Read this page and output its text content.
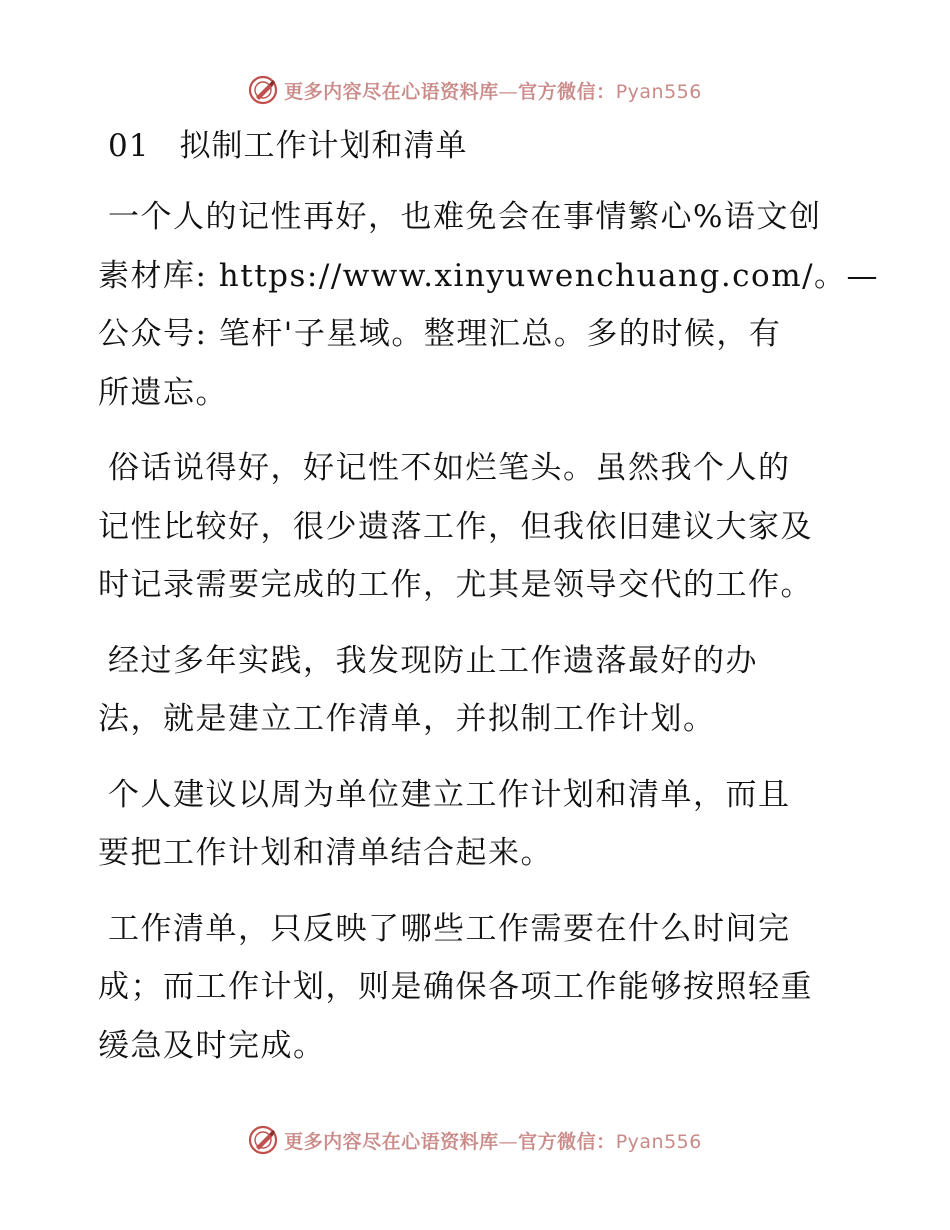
更多内容尽在心语资料库—官方微信：Pyan556
01 拟制工作计划和清单
一个人的记性再好，也难免会在事情繁心%语文创
素材库: https://www.xinyuwenchuang.com/。—
公众号: 笔杆'子星域。整理汇总。多的时候，有
所遗忘。
俗话说得好，好记性不如烂笔头。虽然我个人的
记性比较好，很少遗落工作，但我依旧建议大家及
时记录需要完成的工作，尤其是领导交代的工作。
经过多年实践，我发现防止工作遗落最好的办
法，就是建立工作清单，并拟制工作计划。
个人建议以周为单位建立工作计划和清单，而且
要把工作计划和清单结合起来。
工作清单，只反映了哪些工作需要在什么时间完
成；而工作计划，则是确保各项工作能够按照轻重
缓急及时完成。
更多内容尽在心语资料库—官方微信：Pyan556
